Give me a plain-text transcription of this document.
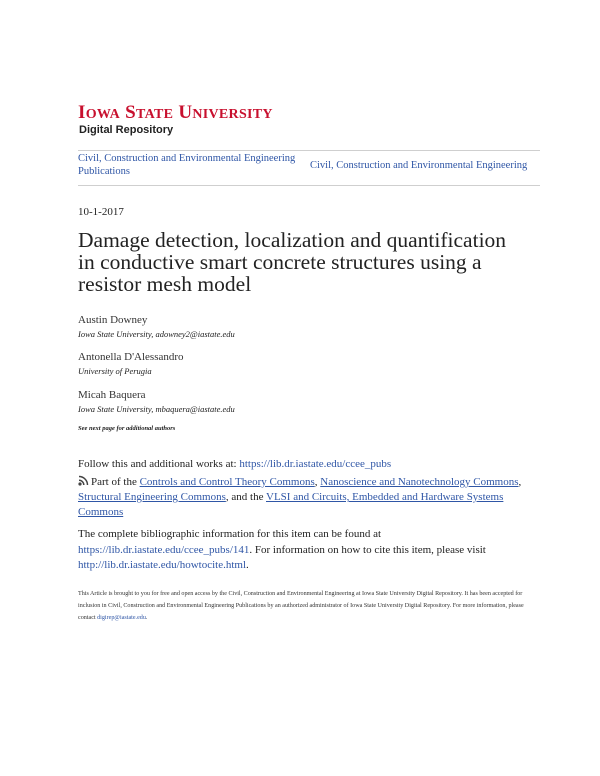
IOWA STATE UNIVERSITY
Digital Repository
Civil, Construction and Environmental Engineering Publications
Civil, Construction and Environmental Engineering
10-1-2017
Damage detection, localization and quantification in conductive smart concrete structures using a resistor mesh model
Austin Downey
Iowa State University, adowney2@iastate.edu
Antonella D'Alessandro
University of Perugia
Micah Baquera
Iowa State University, mbaquera@iastate.edu
See next page for additional authors
Follow this and additional works at: https://lib.dr.iastate.edu/ccee_pubs
Part of the Controls and Control Theory Commons, Nanoscience and Nanotechnology Commons, Structural Engineering Commons, and the VLSI and Circuits, Embedded and Hardware Systems Commons
The complete bibliographic information for this item can be found at https://lib.dr.iastate.edu/ccee_pubs/141. For information on how to cite this item, please visit http://lib.dr.iastate.edu/howtocite.html.
This Article is brought to you for free and open access by the Civil, Construction and Environmental Engineering at Iowa State University Digital Repository. It has been accepted for inclusion in Civil, Construction and Environmental Engineering Publications by an authorized administrator of Iowa State University Digital Repository. For more information, please contact digirep@iastate.edu.
